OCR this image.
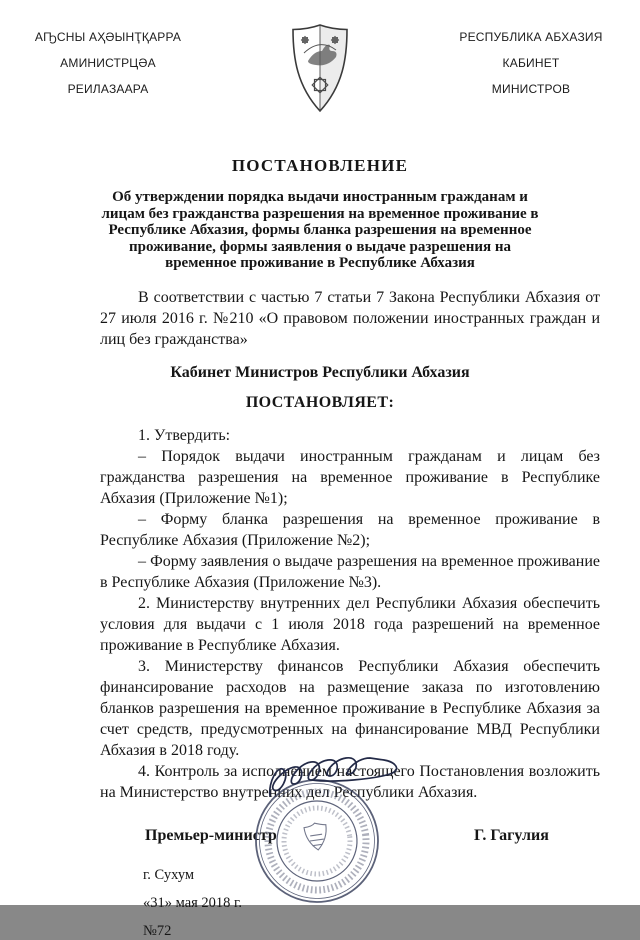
АҦСНЫ АҲӘЫНҬҚАРРА
АМИНИСТРЦӘА
РЕИЛАЗААРА
РЕСПУБЛИКА АБХАЗИЯ
КАБИНЕТ
МИНИСТРОВ
ПОСТАНОВЛЕНИЕ
Об утверждении порядка выдачи иностранным гражданам и лицам без гражданства разрешения на временное проживание в Республике Абхазия, формы бланка разрешения на временное проживание, формы заявления о выдаче разрешения на временное проживание в Республике Абхазия

В соответствии с частью 7 статьи 7 Закона Республики Абхазия от 27 июля 2016 г. №210 «О правовом положении иностранных граждан и лиц без гражданства»

Кабинет Министров Республики Абхазия

ПОСТАНОВЛЯЕТ:

1. Утвердить:

– Порядок выдачи иностранным гражданам и лицам без гражданства разрешения на временное проживание в Республике Абхазия (Приложение №1);

– Форму бланка разрешения на временное проживание в Республике Абхазия (Приложение №2);

– Форму заявления о выдаче разрешения на временное проживание в Республике Абхазия (Приложение №3).

2. Министерству внутренних дел Республики Абхазия обеспечить условия для выдачи с 1 июля 2018 года разрешений на временное проживание в Республике Абхазия.

3. Министерству финансов Республики Абхазия обеспечить финансирование расходов на размещение заказа по изготовлению бланков разрешения на временное проживание в Республике Абхазия за счет средств, предусмотренных на финансирование МВД Республики Абхазия в 2018 году.

4. Контроль за исполнением настоящего Постановления возложить на Министерство внутренних дел Республики Абхазия.

Премьер-министр	Г. Гагулия
г. Сухум
«31» мая 2018 г.
№72
